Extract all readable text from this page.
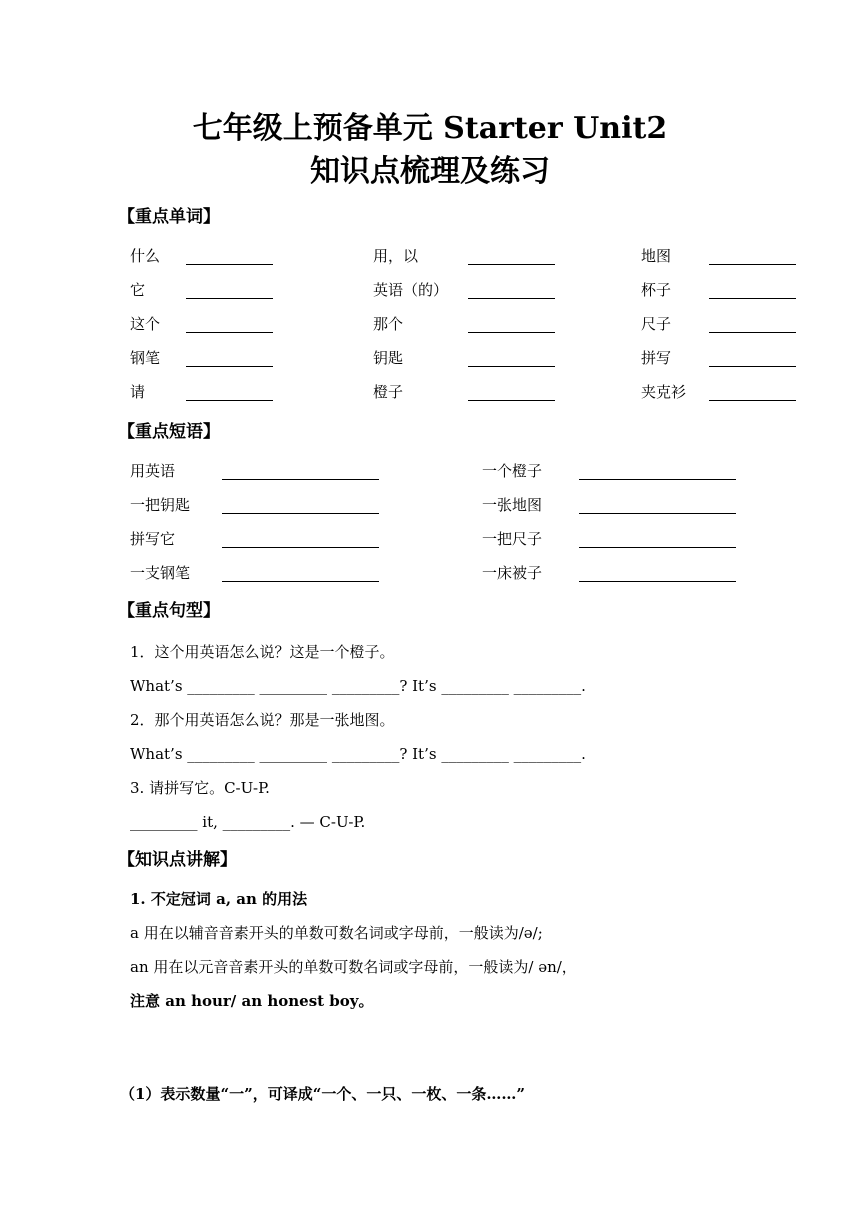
七年级上预备单元 Starter Unit2
知识点梳理及练习
【重点单词】
什么	用，以	地图
它	英语（的）	杯子
这个	那个	尺子
钢笔	钥匙	拼写
请	橙子	夹克衫
【重点短语】
用英语	一个橙子
一把钥匙	一张地图
拼写它	一把尺子
一支钢笔	一床被子
【重点句型】
1．这个用英语怎么说？这是一个橙子。
What’s _________ _________ _________? It’s _________ _________.
2．那个用英语怎么说？那是一张地图。
What’s _________ _________ _________? It’s _________ _________.
3. 请拼写它。C-U-P.
_________ it, _________. — C-U-P.
【知识点讲解】
1. 不定冠词 a, an 的用法
a 用在以辅音音素开头的单数可数名词或字母前，一般读为/ə/;
an 用在以元音音素开头的单数可数名词或字母前，一般读为/ ən/，
注意 an hour/ an honest boy。
（1）表示数量“一”，可译成“一个、一只、一枚、一条……”
